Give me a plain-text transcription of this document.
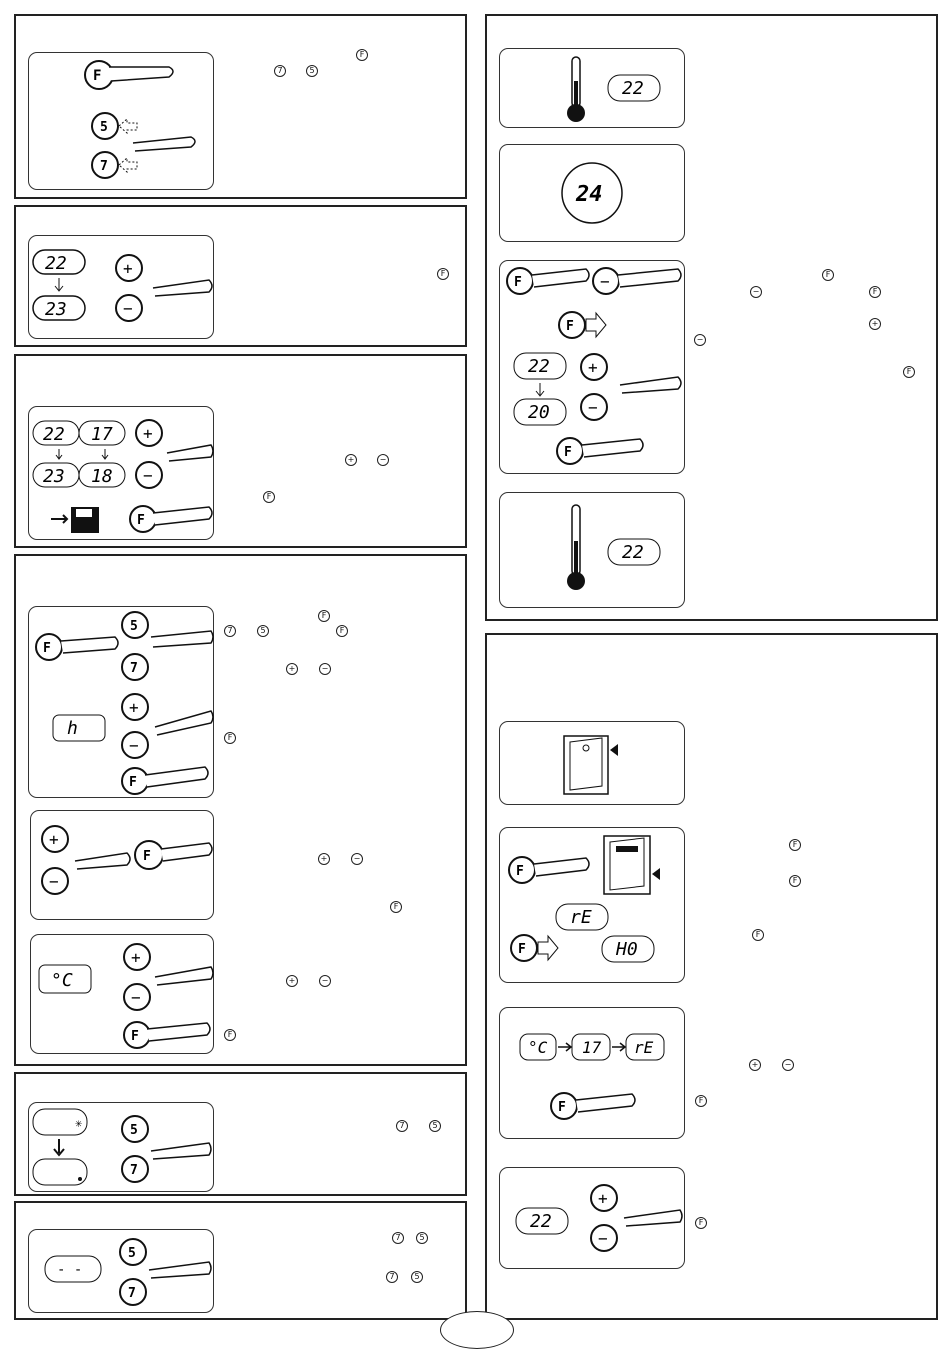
F
5
7
F
7	5
22
23
+
−
F
22 17
23 18
+
−
F
+	−
F
F
5
7
h
+
−
F
+
−
F
°C
+
−
F
F
7	5	F
+	−
F
+	−
F
+	−
F
✳	5
7
7	5
- -
5
7
7	5
7	5
22
24
F	−
F
22
20
+
−
F
22
F
−	F
+
−
F
F
rE
F	H0
°C 17 rE
F
22
+
−
F
F
F
+	−
F
F
